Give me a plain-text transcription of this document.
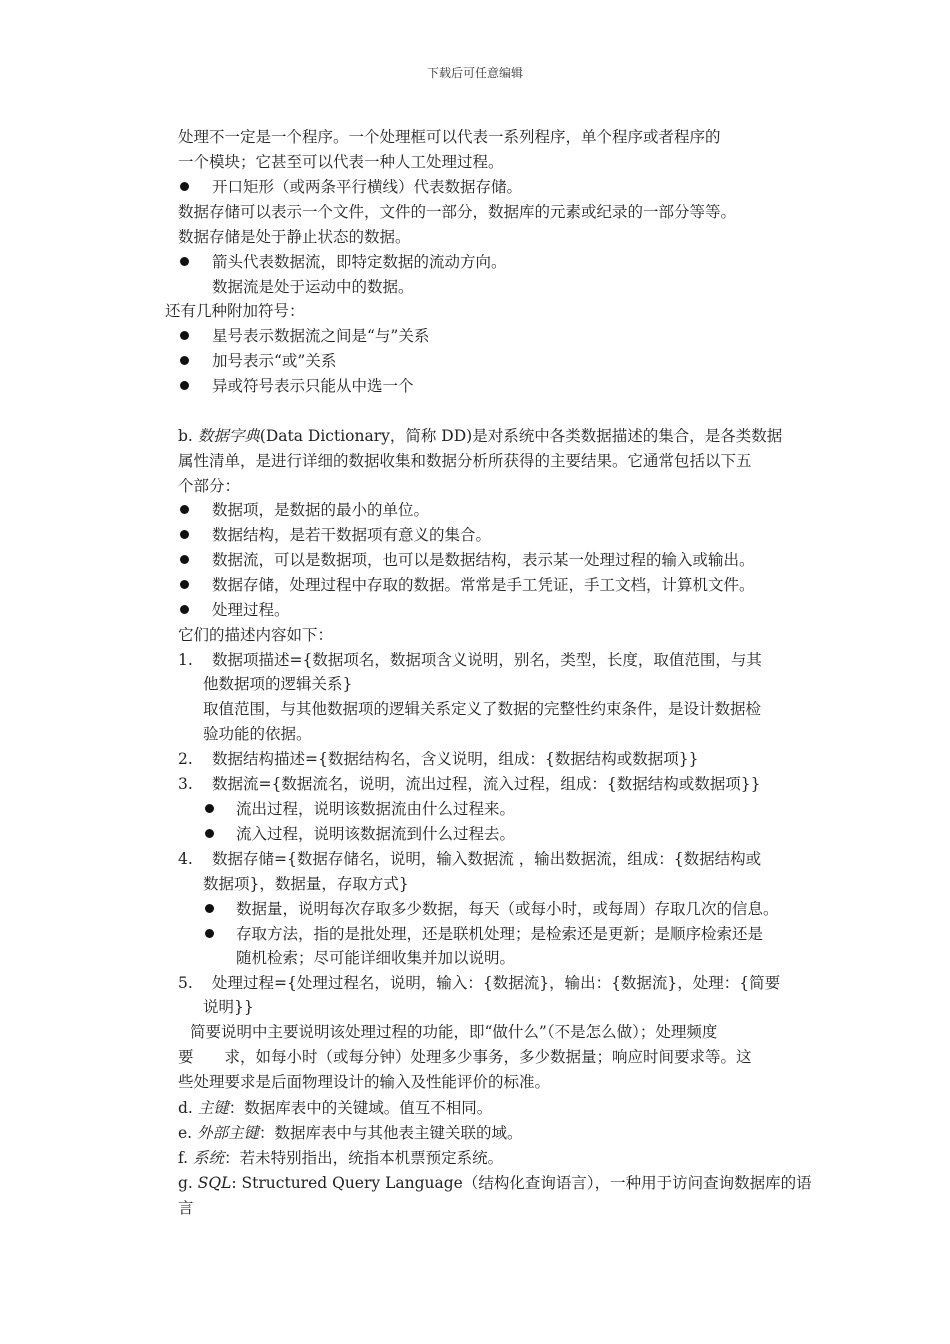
下载后可任意编辑
处理不一定是一个程序。一个处理框可以代表一系列程序，单个程序或者程序的
一个模块；它甚至可以代表一种人工处理过程。
开口矩形（或两条平行横线）代表数据存储。
数据存储可以表示一个文件，文件的一部分，数据库的元素或纪录的一部分等等。
数据存储是处于静止状态的数据。
箭头代表数据流，即特定数据的流动方向。
数据流是处于运动中的数据。
还有几种附加符号：
星号表示数据流之间是“与”关系
加号表示“或”关系
异或符号表示只能从中选一个
b. 数据字典(Data Dictionary，简称 DD)是对系统中各类数据描述的集合，是各类数据
属性清单，是进行详细的数据收集和数据分析所获得的主要结果。它通常包括以下五
个部分：
数据项，是数据的最小的单位。
数据结构，是若干数据项有意义的集合。
数据流，可以是数据项，也可以是数据结构，表示某一处理过程的输入或输出。
数据存储，处理过程中存取的数据。常常是手工凭证，手工文档，计算机文件。
处理过程。
它们的描述内容如下：
1. 数据项描述={数据项名，数据项含义说明，别名，类型，长度，取值范围，与其
他数据项的逻辑关系}
取值范围，与其他数据项的逻辑关系定义了数据的完整性约束条件，是设计数据检
验功能的依据。
2. 数据结构描述={数据结构名，含义说明，组成：{数据结构或数据项}}
3. 数据流={数据流名，说明，流出过程，流入过程，组成：{数据结构或数据项}}
流出过程，说明该数据流由什么过程来。
流入过程，说明该数据流到什么过程去。
4. 数据存储={数据存储名，说明，输入数据流 ，输出数据流，组成：{数据结构或
数据项}，数据量，存取方式}
数据量，说明每次存取多少数据，每天（或每小时，或每周）存取几次的信息。
存取方法，指的是批处理，还是联机处理；是检索还是更新；是顺序检索还是
随机检索；尽可能详细收集并加以说明。
5. 处理过程={处理过程名，说明，输入：{数据流}，输出：{数据流}，处理：{简要
说明}}
简要说明中主要说明该处理过程的功能，即“做什么”（不是怎么做）；处理频度
要　　求，如每小时（或每分钟）处理多少事务，多少数据量；响应时间要求等。这
些处理要求是后面物理设计的输入及性能评价的标准。
d. 主键：数据库表中的关键域。值互不相同。
e. 外部主键：数据库表中与其他表主键关联的域。
f. 系统：若未特别指出，统指本机票预定系统。
g. SQL: Structured Query Language（结构化查询语言），一种用于访问查询数据库的语
言
